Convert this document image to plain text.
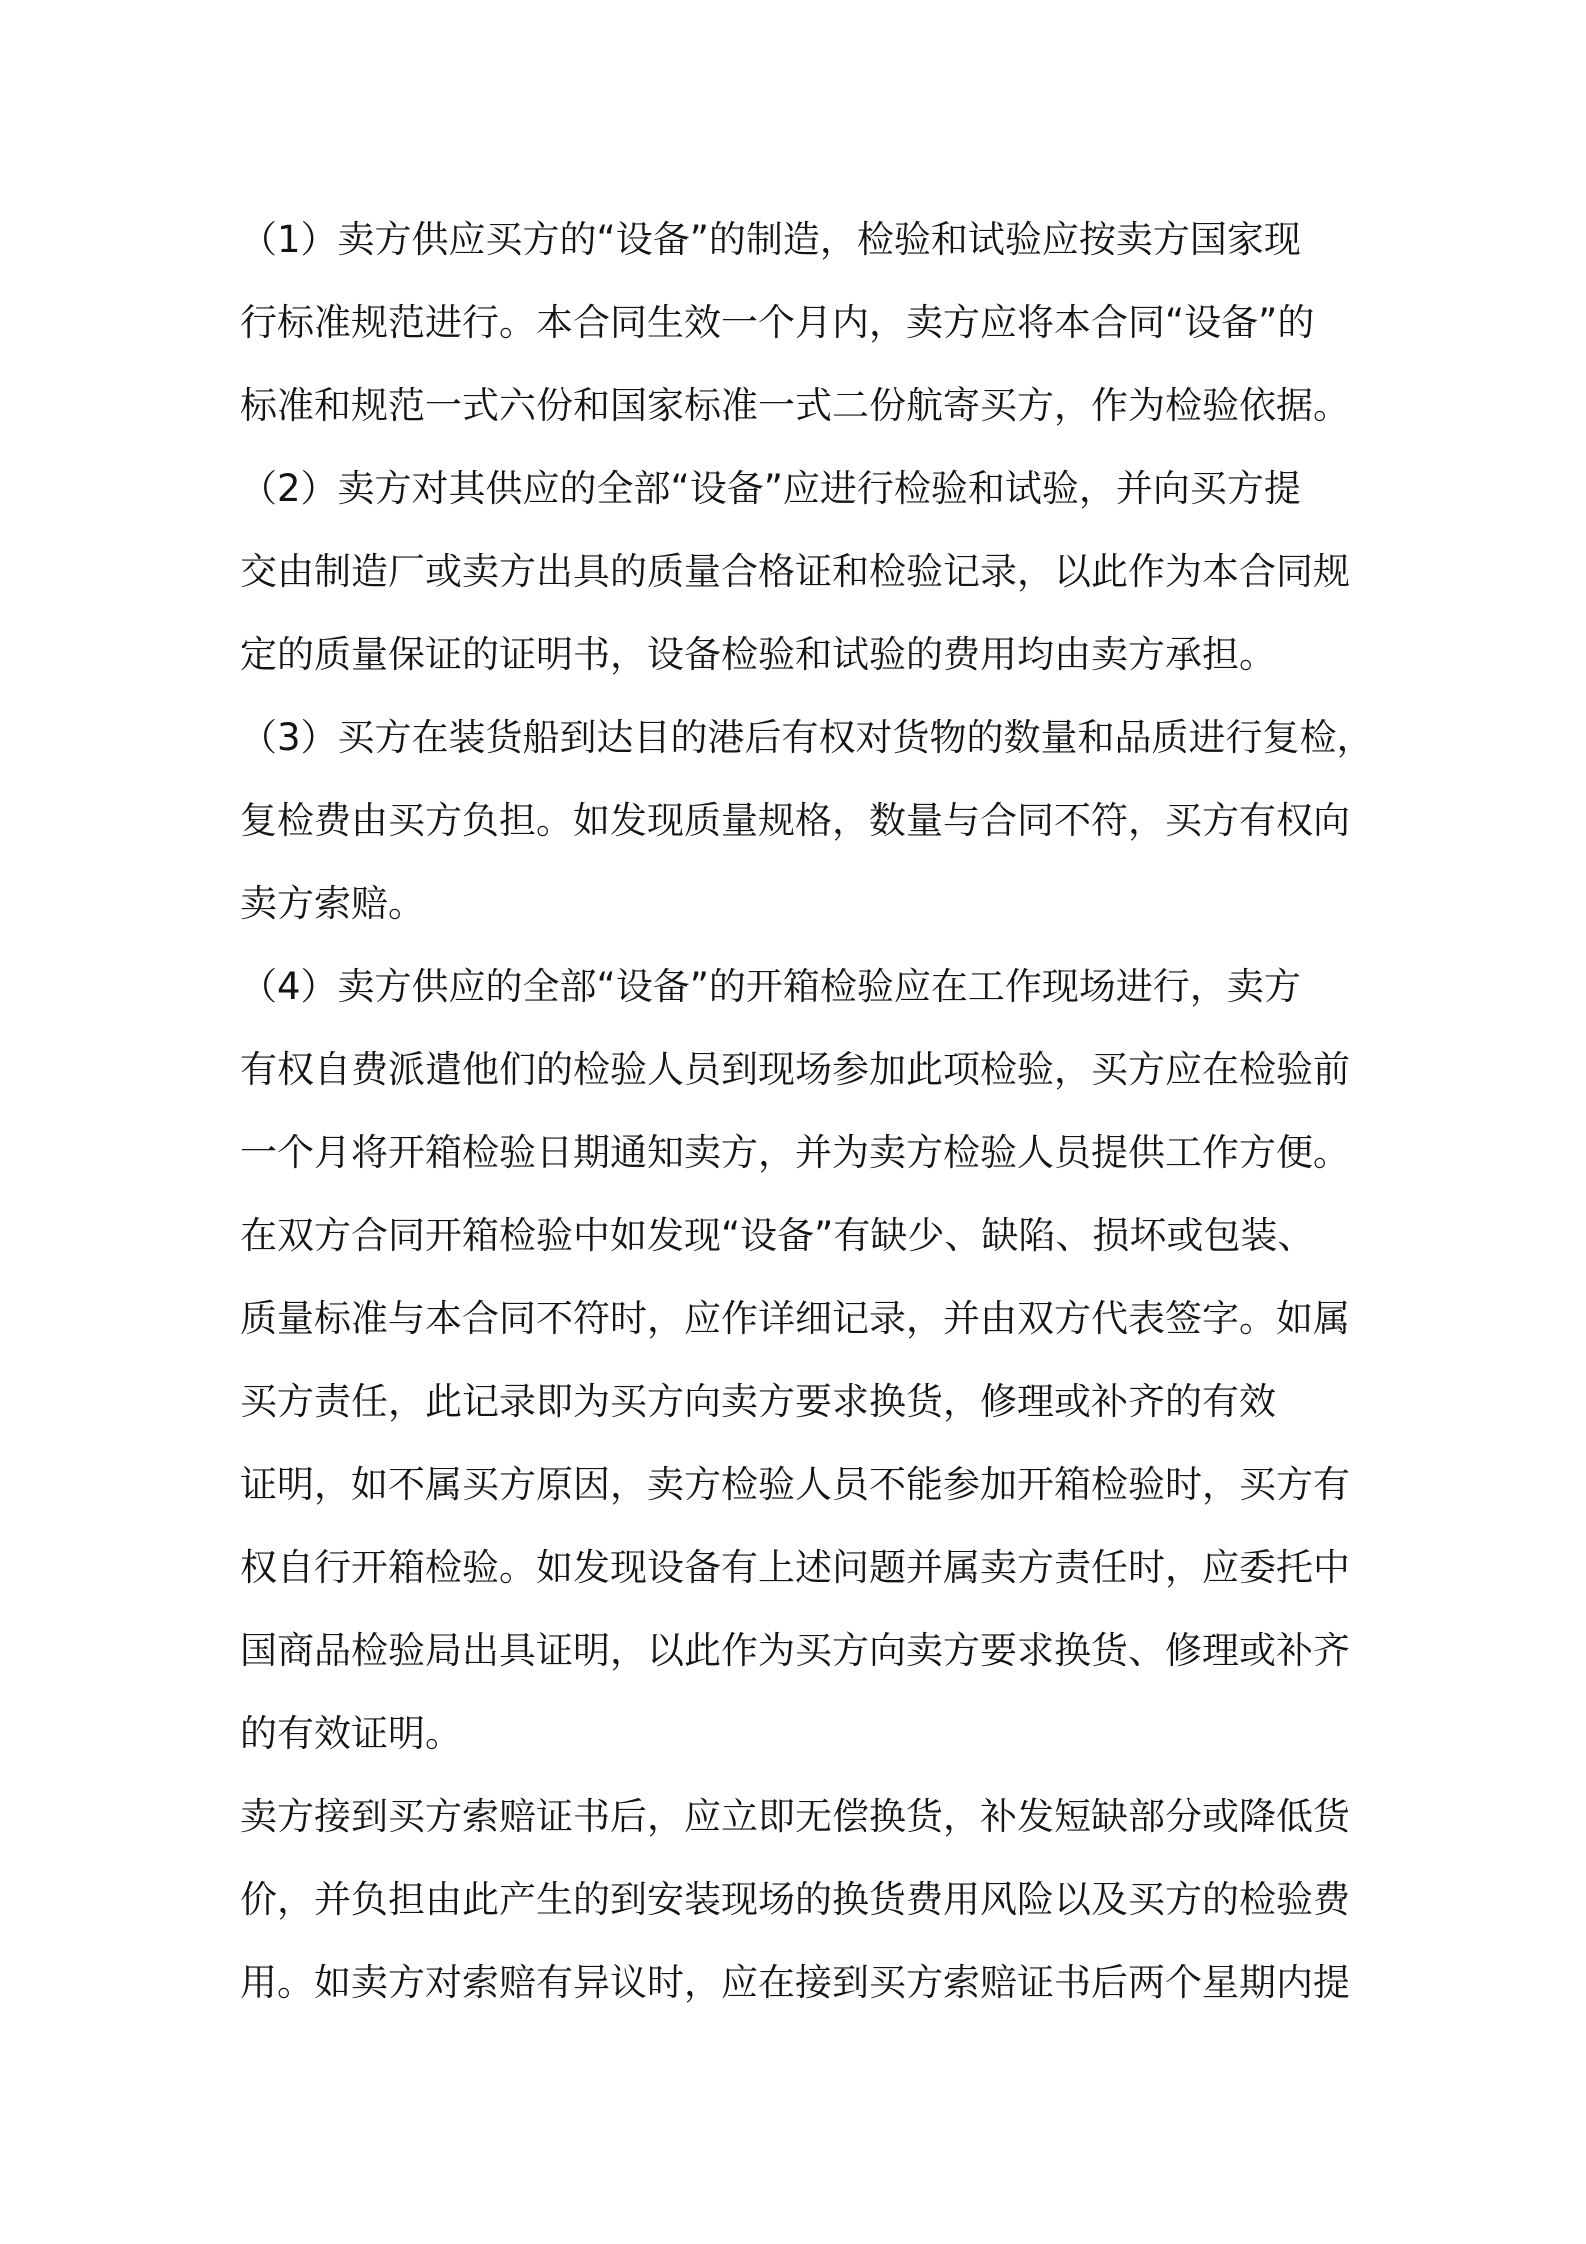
（1）卖方供应买方的“设备”的制造，检验和试验应按卖方国家现

行标准规范进行。本合同生效一个月内，卖方应将本合同“设备”的

标准和规范一式六份和国家标准一式二份航寄买方，作为检验依据。

（2）卖方对其供应的全部“设备”应进行检验和试验，并向买方提

交由制造厂或卖方出具的质量合格证和检验记录，以此作为本合同规

定的质量保证的证明书，设备检验和试验的费用均由卖方承担。

（3）买方在装货船到达目的港后有权对货物的数量和品质进行复检，

复检费由买方负担。如发现质量规格，数量与合同不符，买方有权向

卖方索赔。

（4）卖方供应的全部“设备”的开箱检验应在工作现场进行，卖方

有权自费派遣他们的检验人员到现场参加此项检验，买方应在检验前

一个月将开箱检验日期通知卖方，并为卖方检验人员提供工作方便。

在双方合同开箱检验中如发现“设备”有缺少、缺陷、损坏或包装、

质量标准与本合同不符时，应作详细记录，并由双方代表签字。如属

买方责任，此记录即为买方向卖方要求换货，修理或补齐的有效

证明，如不属买方原因，卖方检验人员不能参加开箱检验时，买方有

权自行开箱检验。如发现设备有上述问题并属卖方责任时，应委托中

国商品检验局出具证明，以此作为买方向卖方要求换货、修理或补齐

的有效证明。

卖方接到买方索赔证书后，应立即无偿换货，补发短缺部分或降低货

价，并负担由此产生的到安装现场的换货费用风险以及买方的检验费

用。如卖方对索赔有异议时，应在接到买方索赔证书后两个星期内提
